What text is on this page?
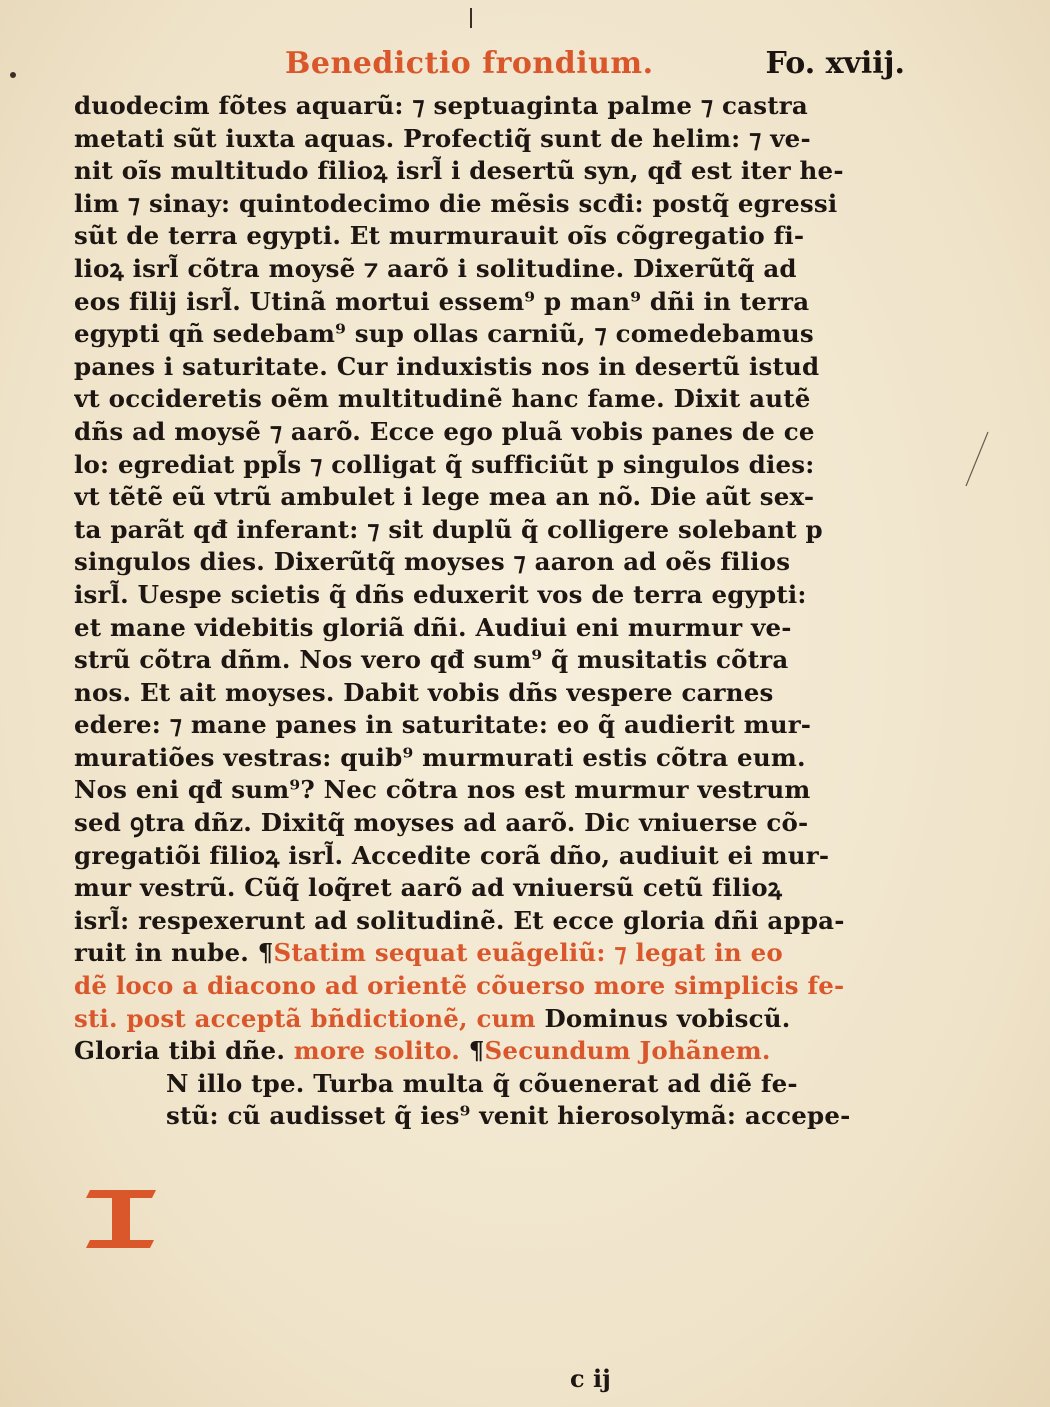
Benedictio frondium.	Fo. xviij.
duodecim fõtes aquarũ: ⁊ septuaginta palme ⁊ castra
metati sũt iuxta aquas. Profectiq̃ sunt de helim: ⁊ ve-
nit oĩs multitudo filioꝝ isrl̃ i desertũ syn, qđ est iter he-
lim ⁊ sinay: quintodecimo die mẽsis scđi: postq̃ egressi
sũt de terra egypti. Et murmurauit oĩs cõgregatio fi-
lioꝝ isrl̃ cõtra moysẽ ⁊ aarõ i solitudine. Dixerũtq̃ ad
eos filij isrl̃. Utinã mortui essem⁹ p man⁹ dñi in terra
egypti qñ sedebam⁹ sup ollas carniũ, ⁊ comedebamus
panes i saturitate. Cur induxistis nos in desertũ istud
vt occideretis oẽm multitudinẽ hanc fame. Dixit autẽ
dñs ad moysẽ ⁊ aarõ. Ecce ego pluã vobis panes de ce
lo: egrediat ppl̃s ⁊ colligat q̃ sufficiũt p singulos dies:
vt tẽtẽ eũ vtrũ ambulet i lege mea an nõ. Die aũt sex-
ta parãt qđ inferant: ⁊ sit duplũ q̃ colligere solebant p
singulos dies. Dixerũtq̃ moyses ⁊ aaron ad oẽs filios
isrl̃. Uespe scietis q̃ dñs eduxerit vos de terra egypti:
et mane videbitis gloriã dñi. Audiui eni murmur ve-
strũ cõtra dñm. Nos vero qđ sum⁹ q̃ musitatis cõtra
nos. Et ait moyses. Dabit vobis dñs vespere carnes
edere: ⁊ mane panes in saturitate: eo q̃ audierit mur-
muratiões vestras: quib⁹ murmurati estis cõtra eum.
Nos eni qđ sum⁹? Nec cõtra nos est murmur vestrum
sed ꝯtra dñz. Dixitq̃ moyses ad aarõ. Dic vniuerse cõ-
gregatiõi filioꝝ isrl̃. Accedite corã dño, audiuit ei mur-
mur vestrũ. Cũq̃ loq̃ret aarõ ad vniuersũ cetũ filioꝝ
isrl̃: respexerunt ad solitudinẽ. Et ecce gloria dñi appa-
ruit in nube. ¶Statim sequat euãgeliũ: ⁊ legat in eo
dẽ loco a diacono ad orientẽ cõuerso more simplicis fe-
sti. post acceptã bñdictionẽ, cum Dominus vobiscũ.
Gloria tibi dñe. more solito. ¶Secundum Johãnem.
N illo tpe. Turba multa q̃ cõuenerat ad diẽ fe-
stũ: cũ audisset q̃ ies⁹ venit hierosolymã: accepe-
I
c ij
